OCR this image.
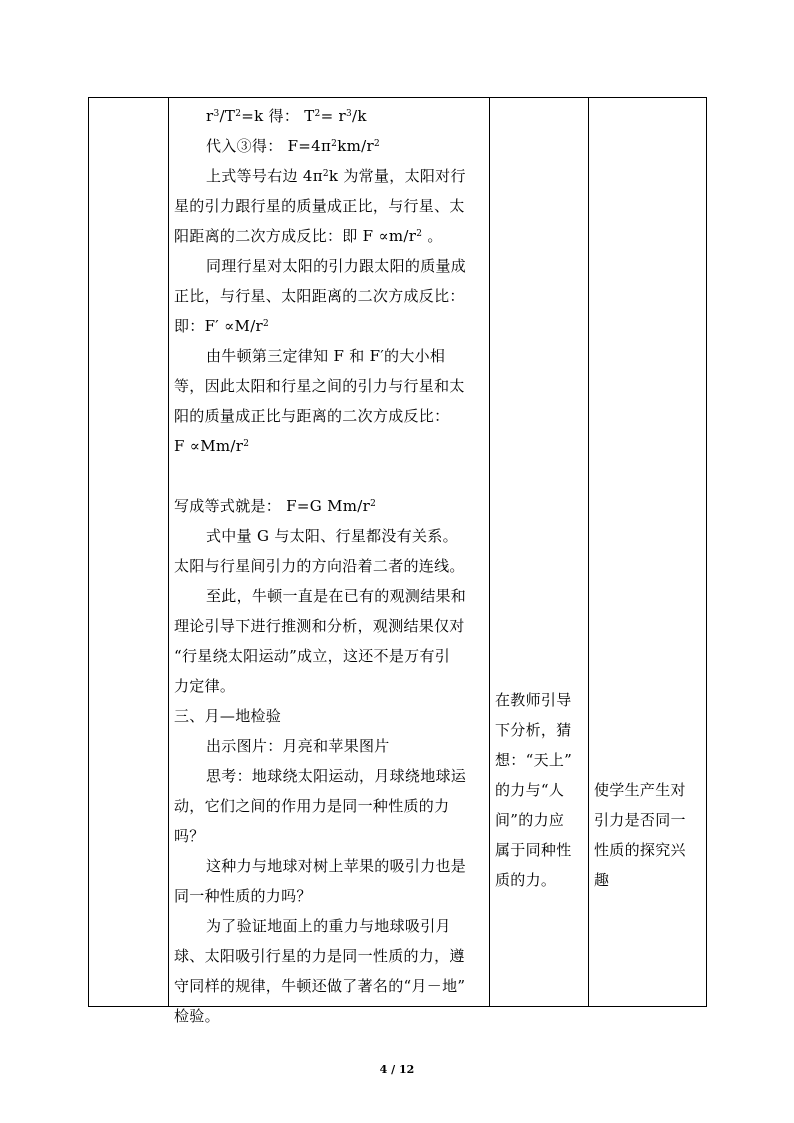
$r^3/T^2=k$ 得： $T^2= r^3/k$
代入③得： $F=4\pi^2km/r^2$
上式等号右边 $4\pi^2k$ 为常量，太阳对行
星的引力跟行星的质量成正比，与行星、太
阳距离的二次方成反比：即 $F \propto m/r^2$ 。
同理行星对太阳的引力跟太阳的质量成
正比，与行星、太阳距离的二次方成反比：
即：$F' \propto M/r^2$
由牛顿第三定律知 F 和 F′的大小相
等，因此太阳和行星之间的引力与行星和太
阳的质量成正比与距离的二次方成反比：
$F \propto Mm/r^2$
写成等式就是： F=G $Mm/r^2$
式中量 G 与太阳、行星都没有关系。
太阳与行星间引力的方向沿着二者的连线。
至此，牛顿一直是在已有的观测结果和
理论引导下进行推测和分析，观测结果仅对
“行星绕太阳运动”成立，这还不是万有引
力定律。
三、月—地检验
出示图片：月亮和苹果图片
思考：地球绕太阳运动，月球绕地球运
动，它们之间的作用力是同一种性质的力
吗？
这种力与地球对树上苹果的吸引力也是
同一种性质的力吗？
为了验证地面上的重力与地球吸引月
球、太阳吸引行星的力是同一性质的力，遵
守同样的规律，牛顿还做了著名的“月－地”
检验。
在教师引导
下分析，猜
想：“天上”
的力与“人
间”的力应
属于同种性
质的力。
使学生产生对
引力是否同一
性质的探究兴
趣
4 / 12
